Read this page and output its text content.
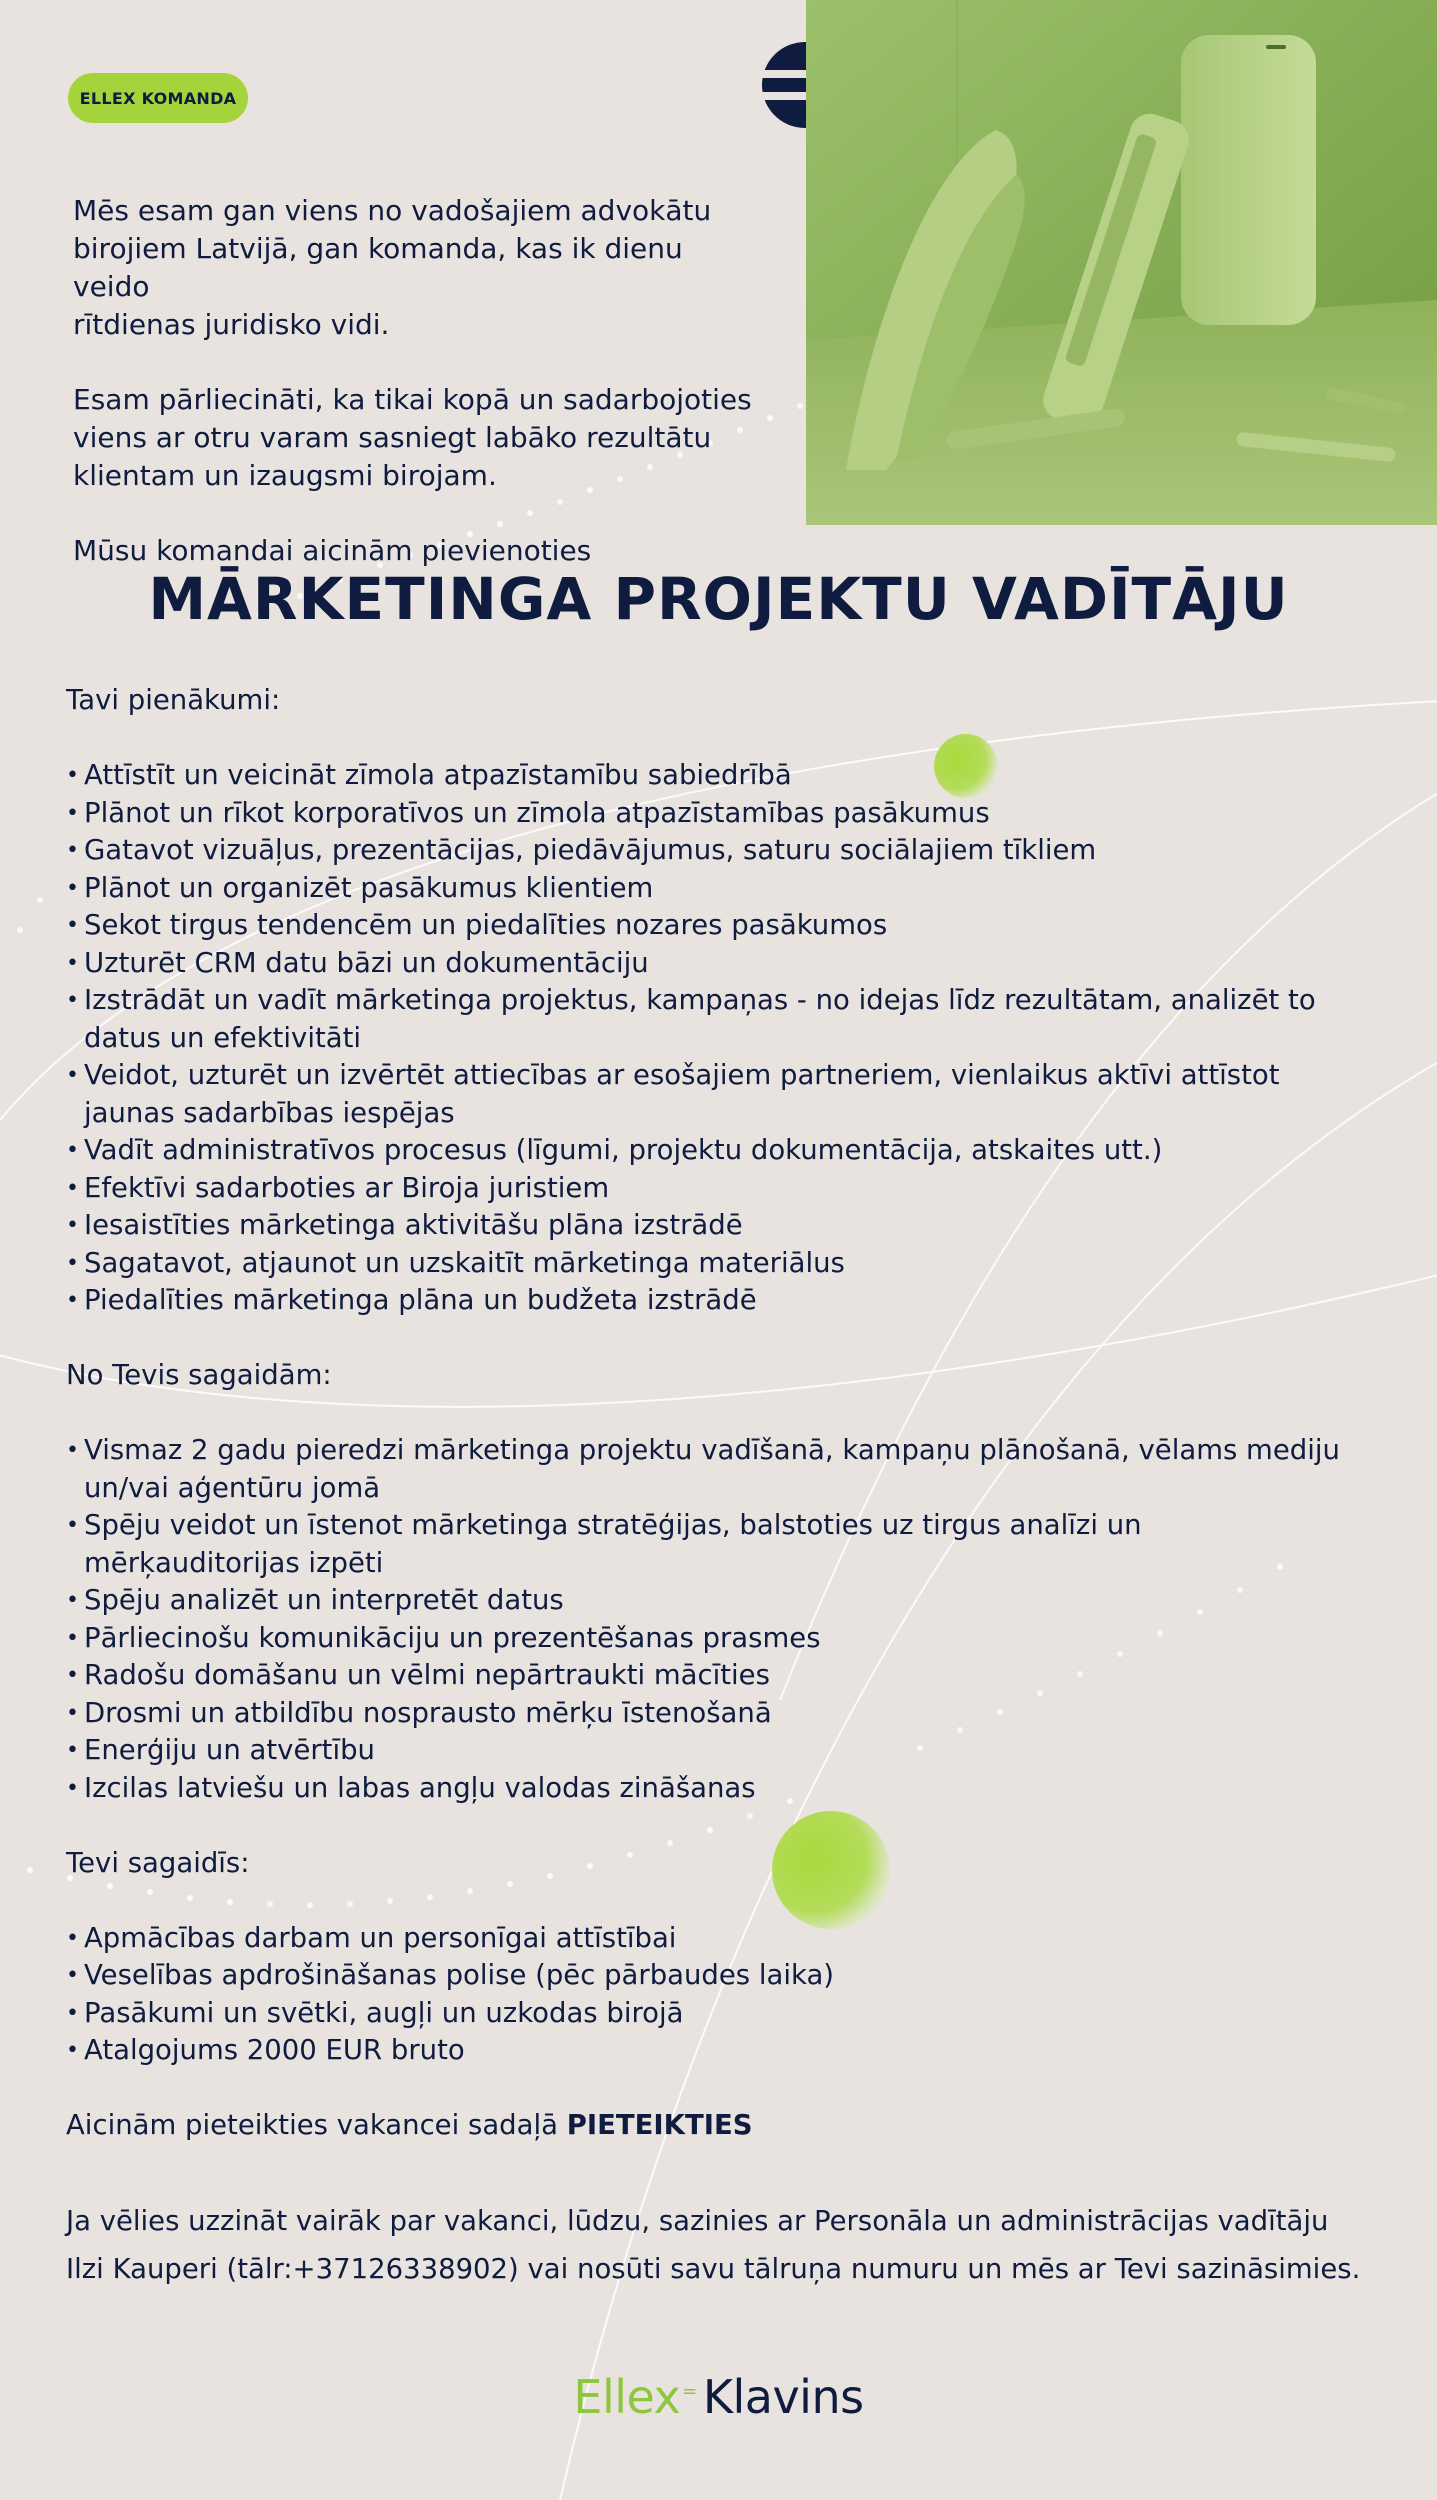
ELLEX KOMANDA

Mēs esam gan viens no vadošajiem advokātu
birojiem Latvijā, gan komanda, kas ik dienu veido
rītdienas juridisko vidi.

Esam pārliecināti, ka tikai kopā un sadarbojoties
viens ar otru varam sasniegt labāko rezultātu
klientam un izaugsmi birojam.

Mūsu komandai aicinām pievienoties

MĀRKETINGA PROJEKTU VADĪTĀJU

Tavi pienākumi:

• Attīstīt un veicināt zīmola atpazīstamību sabiedrībā
• Plānot un rīkot korporatīvos un zīmola atpazīstamības pasākumus
• Gatavot vizuāļus, prezentācijas, piedāvājumus, saturu sociālajiem tīkliem
• Plānot un organizēt pasākumus klientiem
• Sekot tirgus tendencēm un piedalīties nozares pasākumos
• Uzturēt CRM datu bāzi un dokumentāciju
• Izstrādāt un vadīt mārketinga projektus, kampaņas - no idejas līdz rezultātam, analizēt to datus un efektivitāti
• Veidot, uzturēt un izvērtēt attiecības ar esošajiem partneriem, vienlaikus aktīvi attīstot jaunas sadarbības iespējas
• Vadīt administratīvos procesus (līgumi, projektu dokumentācija, atskaites utt.)
• Efektīvi sadarboties ar Biroja juristiem
• Iesaistīties mārketinga aktivitāšu plāna izstrādē
• Sagatavot, atjaunot un uzskaitīt mārketinga materiālus
• Piedalīties mārketinga plāna un budžeta izstrādē

No Tevis sagaidām:

• Vismaz 2 gadu pieredzi mārketinga projektu vadīšanā, kampaņu plānošanā, vēlams mediju un/vai aģentūru jomā
• Spēju veidot un īstenot mārketinga stratēģijas, balstoties uz tirgus analīzi un mērķauditorijas izpēti
• Spēju analizēt un interpretēt datus
• Pārliecinošu komunikāciju un prezentēšanas prasmes
• Radošu domāšanu un vēlmi nepārtraukti mācīties
• Drosmi un atbildību nosprausto mērķu īstenošanā
• Enerģiju un atvērtību
• Izcilas latviešu un labas angļu valodas zināšanas

Tevi sagaidīs:

• Apmācības darbam un personīgai attīstībai
• Veselības apdrošināšanas polise (pēc pārbaudes laika)
• Pasākumi un svētki, augļi un uzkodas birojā
• Atalgojums 2000 EUR bruto

Aicinām pieteikties vakancei sadaļā PIETEIKTIES

Ja vēlies uzzināt vairāk par vakanci, lūdzu, sazinies ar Personāla un administrācijas vadītāju
Ilzi Kauperi (tālr:+37126338902) vai nosūti savu tālruņa numuru un mēs ar Tevi sazināsimies.

Ellex = Klavins
